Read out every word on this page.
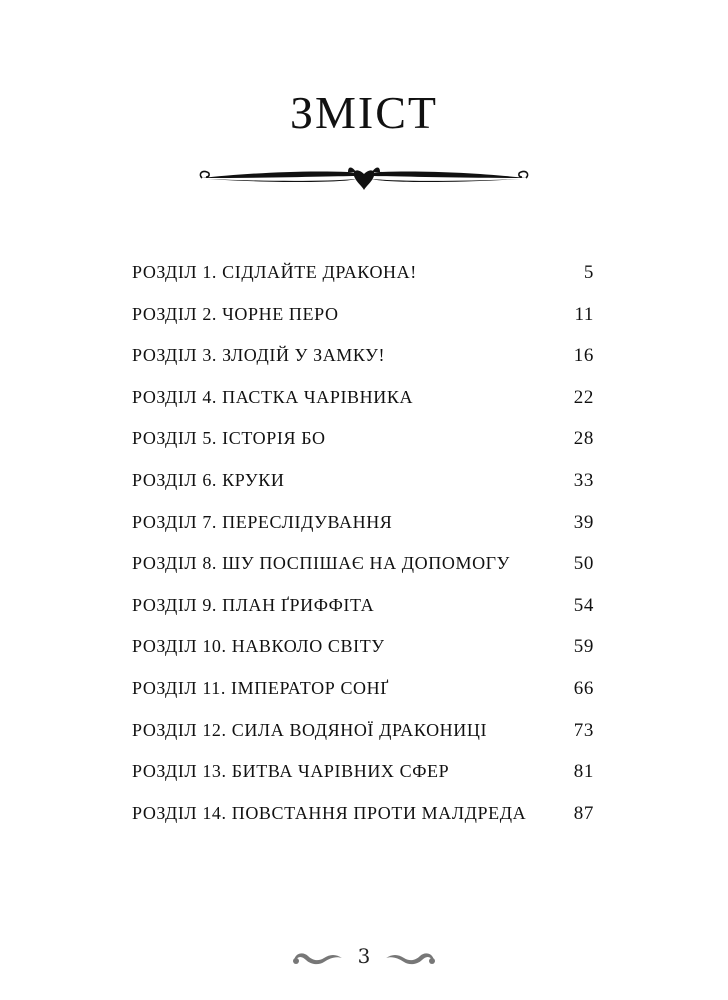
ЗМІСТ
РОЗДІЛ 1. СІДЛАЙТЕ ДРАКОНА!	5
РОЗДІЛ 2. ЧОРНЕ ПЕРО	11
РОЗДІЛ 3. ЗЛОДІЙ У ЗАМКУ!	16
РОЗДІЛ 4. ПАСТКА ЧАРІВНИКА	22
РОЗДІЛ 5. ІСТОРІЯ БО	28
РОЗДІЛ 6. КРУКИ	33
РОЗДІЛ 7. ПЕРЕСЛІДУВАННЯ	39
РОЗДІЛ 8. ШУ ПОСПІШАЄ НА ДОПОМОГУ	50
РОЗДІЛ 9. ПЛАН ҐРИФФІТА	54
РОЗДІЛ 10. НАВКОЛО СВІТУ	59
РОЗДІЛ 11. ІМПЕРАТОР СОНҐ	66
РОЗДІЛ 12. СИЛА ВОДЯНОЇ ДРАКОНИЦІ	73
РОЗДІЛ 13. БИТВА ЧАРІВНИХ СФЕР	81
РОЗДІЛ 14. ПОВСТАННЯ ПРОТИ МАЛДРЕДА	87
3
